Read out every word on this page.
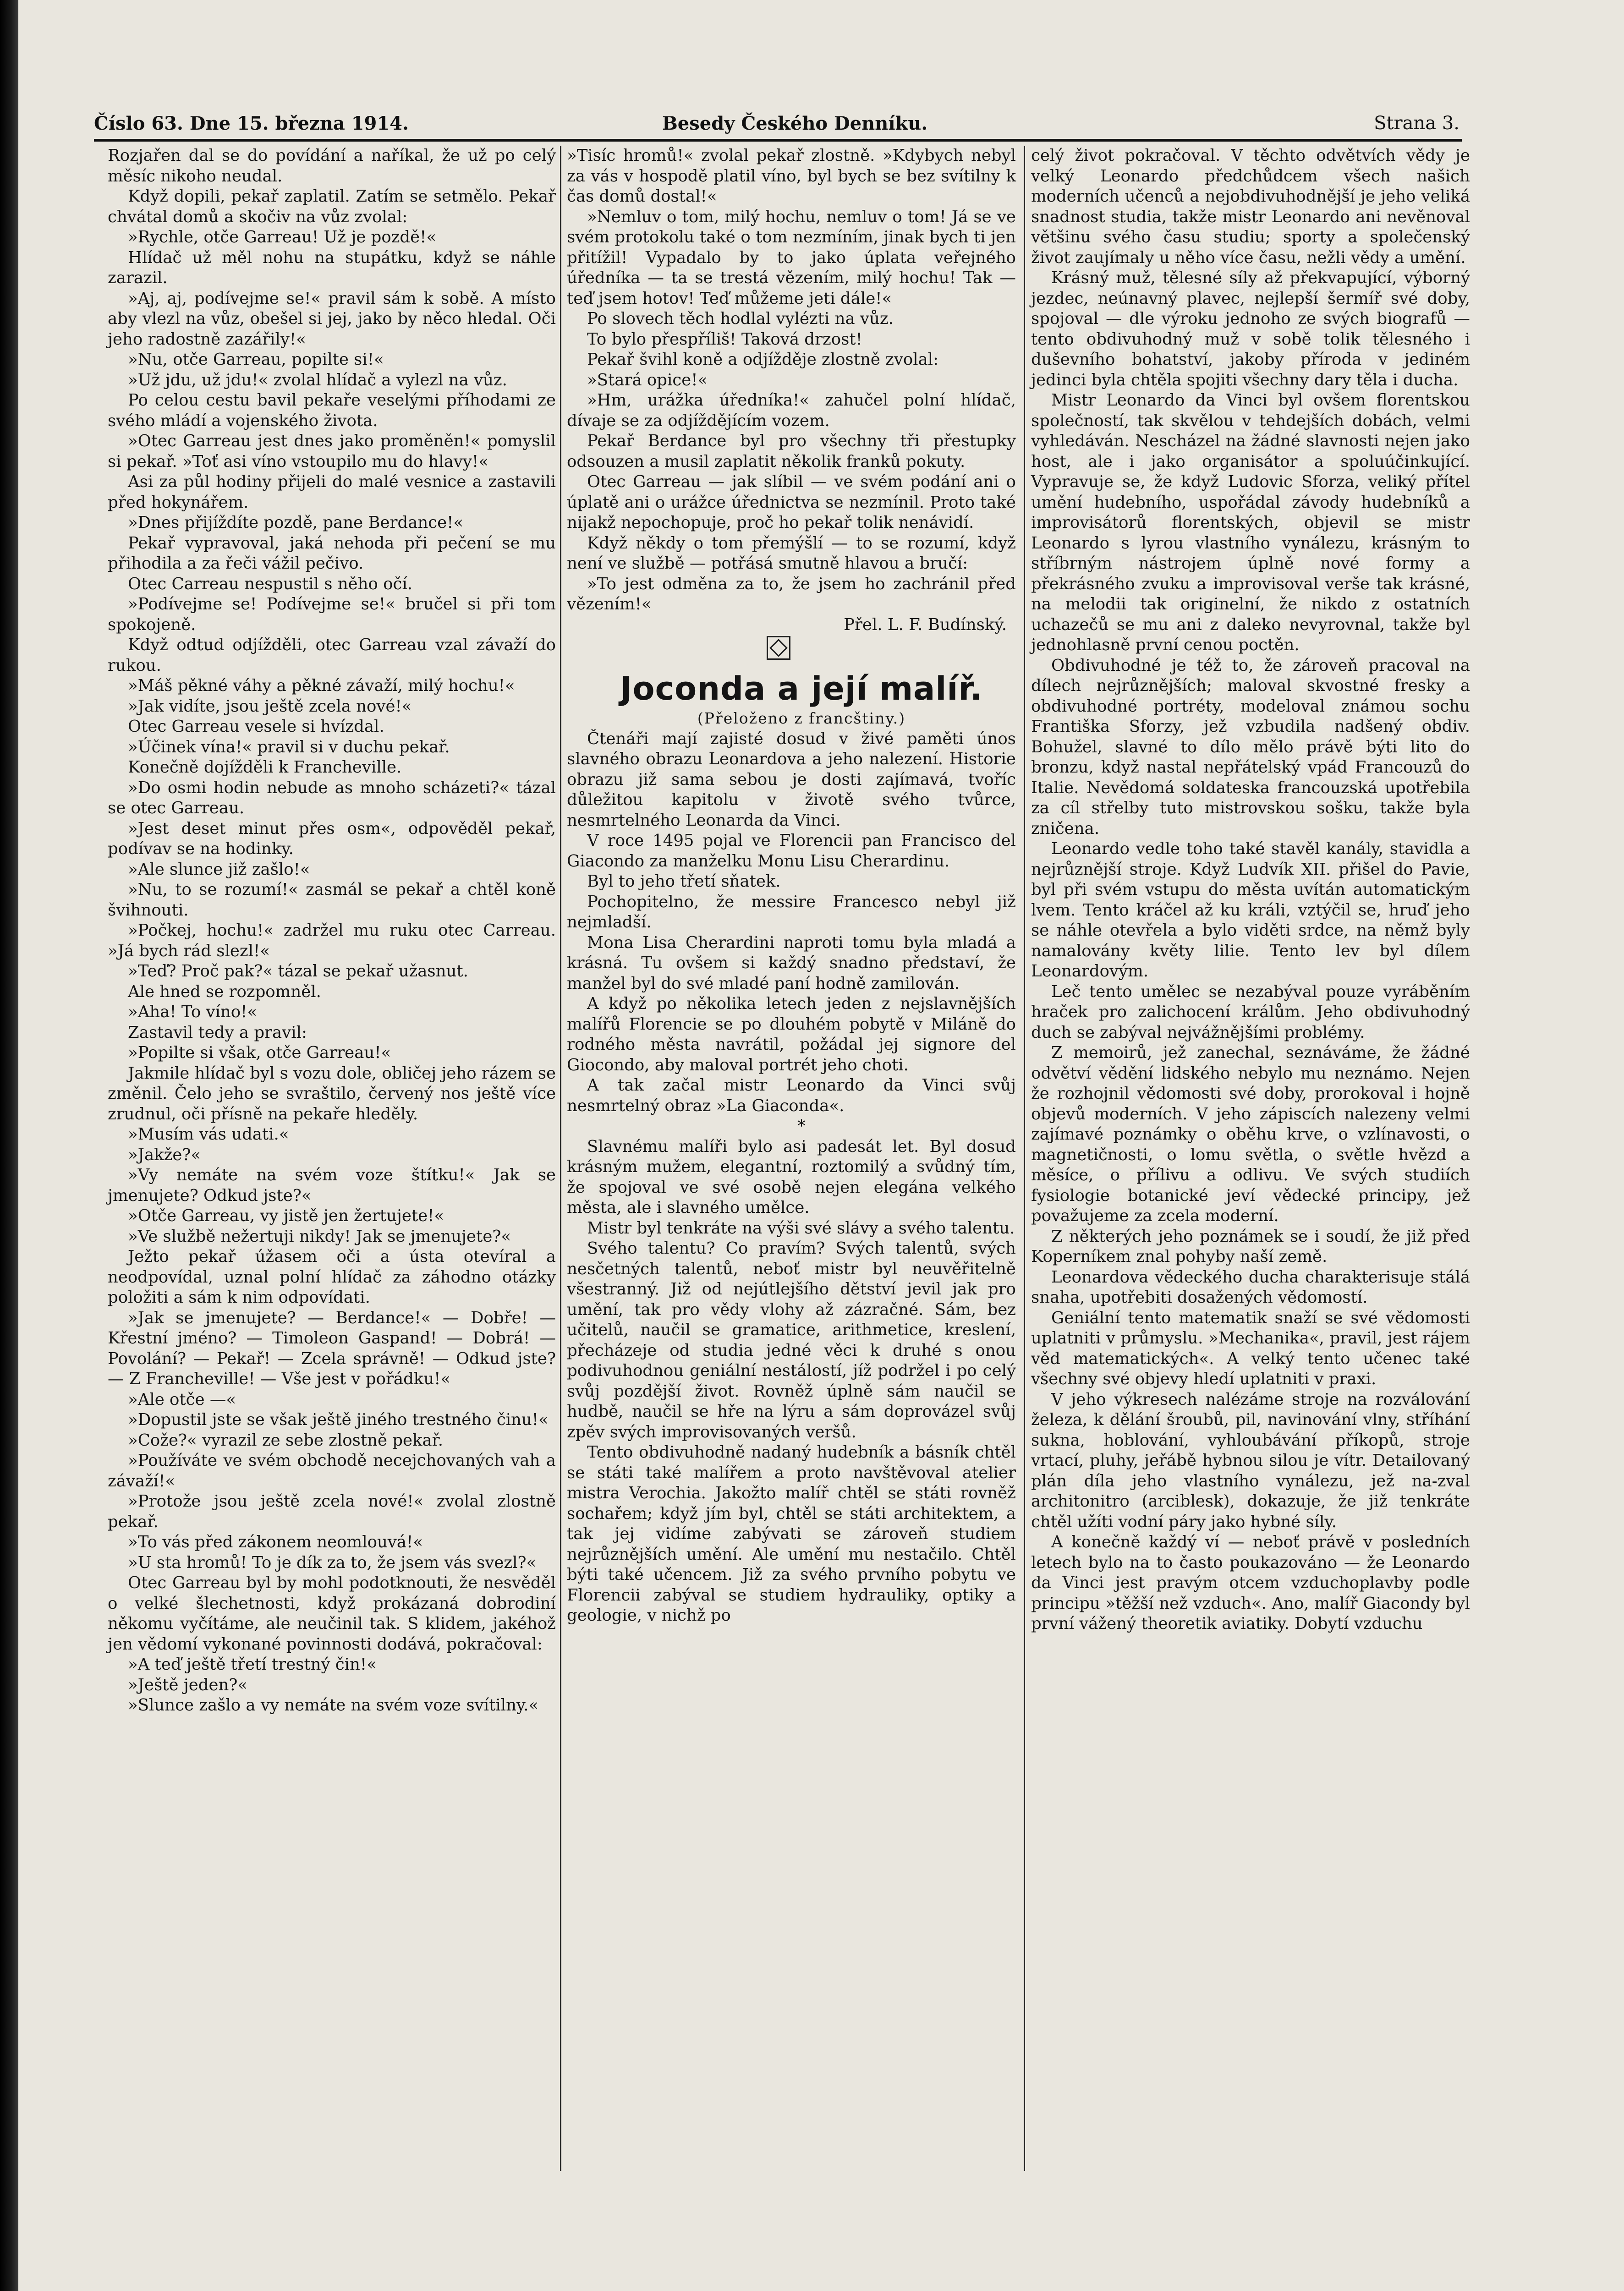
Číslo 63. Dne 15. března 1914.	Besedy Českého Denníku.	Strana 3.

Rozjařen dal se do povídání a naříkal, že už po celý měsíc nikoho neudal.

Když dopili, pekař zaplatil. Zatím se setmělo. Pekař chvátal domů a skočiv na vůz zvolal:

»Rychle, otče Garreau! Už je pozdě!«

Hlídač už měl nohu na stupátku, když se náhle zarazil.

»Aj, aj, podívejme se!« pravil sám k sobě. A místo aby vlezl na vůz, obešel si jej, jako by něco hledal. Oči jeho radostně zazářily!«

»Nu, otče Garreau, popilte si!«

»Už jdu, už jdu!« zvolal hlídač a vylezl na vůz.

Po celou cestu bavil pekaře veselými příhodami ze svého mládí a vojenského života.

»Otec Garreau jest dnes jako proměněn!« pomyslil si pekař. »Toť asi víno vstoupilo mu do hlavy!«

Asi za půl hodiny přijeli do malé vesnice a zastavili před hokynářem.

»Dnes přijíždíte pozdě, pane Berdance!«

Pekař vypravoval, jaká nehoda při pečení se mu přihodila a za řeči vážil pečivo.

Otec Carreau nespustil s něho očí.

»Podívejme se! Podívejme se!« bručel si při tom spokojeně.

Když odtud odjížděli, otec Garreau vzal závaží do rukou.

»Máš pěkné váhy a pěkné závaží, milý hochu!«

»Jak vidíte, jsou ještě zcela nové!«

Otec Garreau vesele si hvízdal.

»Účinek vína!« pravil si v duchu pekař.

Konečně dojížděli k Francheville.

»Do osmi hodin nebude as mnoho scházeti?« tázal se otec Garreau.

»Jest deset minut přes osm«, odpověděl pekař, podívav se na hodinky.

»Ale slunce již zašlo!«

»Nu, to se rozumí!« zasmál se pekař a chtěl koně švihnouti.

»Počkej, hochu!« zadržel mu ruku otec Carreau. »Já bych rád slezl!«

»Teď? Proč pak?« tázal se pekař užasnut.

Ale hned se rozpomněl.

»Aha! To víno!«

Zastavil tedy a pravil:

»Popilte si však, otče Garreau!«

Jakmile hlídač byl s vozu dole, obličej jeho rázem se změnil. Čelo jeho se svraštilo, červený nos ještě více zrudnul, oči přísně na pekaře hleděly.

»Musím vás udati.«

»Jakže?«

»Vy nemáte na svém voze štítku!« Jak se jmenujete? Odkud jste?«

»Otče Garreau, vy jistě jen žertujete!«

»Ve službě nežertuji nikdy! Jak se jmenujete?«

Ježto pekař úžasem oči a ústa otevíral a neodpovídal, uznal polní hlídač za záhodno otázky položiti a sám k nim odpovídati.

»Jak se jmenujete? — Berdance!« — Dobře! — Křestní jméno? — Timoleon Gaspand! — Dobrá! — Povolání? — Pekař! — Zcela správně! — Odkud jste? — Z Francheville! — Vše jest v pořádku!«

»Ale otče —«

»Dopustil jste se však ještě jiného trestného činu!«

»Cože?« vyrazil ze sebe zlostně pekař.

»Používáte ve svém obchodě necejchovaných vah a závaží!«

»Protože jsou ještě zcela nové!« zvolal zlostně pekař.

»To vás před zákonem neomlouvá!«

»U sta hromů! To je dík za to, že jsem vás svezl?«

Otec Garreau byl by mohl podotknouti, že nesvěděl o velké šlechetnosti, když prokázaná dobrodiní někomu vyčítáme, ale neučinil tak. S klidem, jakéhož jen vědomí vykonané povinnosti dodává, pokračoval:

»A teď ještě třetí trestný čin!«

»Ještě jeden?«

»Slunce zašlo a vy nemáte na svém voze svítilny.«

»Tisíc hromů!« zvolal pekař zlostně. »Kdybych nebyl za vás v hospodě platil víno, byl bych se bez svítilny k čas domů dostal!«

»Nemluv o tom, milý hochu, nemluv o tom! Já se ve svém protokolu také o tom nezmíním, jinak bych ti jen přitížil! Vypadalo by to jako úplata veřejného úředníka — ta se trestá vězením, milý hochu! Tak — teď jsem hotov! Teď můžeme jeti dále!«

Po slovech těch hodlal vylézti na vůz.

To bylo přespříliš! Taková drzost!

Pekař švihl koně a odjížděje zlostně zvolal:

»Stará opice!«

»Hm, urážka úředníka!« zahučel polní hlídač, dívaje se za odjíždějícím vozem.

Pekař Berdance byl pro všechny tři přestupky odsouzen a musil zaplatit několik franků pokuty.

Otec Garreau — jak slíbil — ve svém podání ani o úplatě ani o urážce úřednictva se nezmínil. Proto také nijakž nepochopuje, proč ho pekař tolik nenávidí.

Když někdy o tom přemýšlí — to se rozumí, když není ve službě — potřásá smutně hlavou a bručí:

»To jest odměna za to, že jsem ho zachránil před vězením!«

Přel. L. F. Budínský.

Joconda a její malíř.

(Přeloženo z francštiny.)

Čtenáři mají zajisté dosud v živé paměti únos slavného obrazu Leonardova a jeho nalezení. Historie obrazu již sama sebou je dosti zajímavá, tvoříc důležitou kapitolu v životě svého tvůrce, nesmrtelného Leonarda da Vinci.

V roce 1495 pojal ve Florencii pan Francisco del Giacondo za manželku Monu Lisu Cherardinu.

Byl to jeho třetí sňatek.

Pochopitelno, že messire Francesco nebyl již nejmladší.

Mona Lisa Cherardini naproti tomu byla mladá a krásná. Tu ovšem si každý snadno představí, že manžel byl do své mladé paní hodně zamilován.

A když po několika letech jeden z nejslavnějších malířů Florencie se po dlouhém pobytě v Miláně do rodného města navrátil, požádal jej signore del Giocondo, aby maloval portrét jeho choti.

A tak začal mistr Leonardo da Vinci svůj nesmrtelný obraz »La Giaconda«.

*

Slavnému malíři bylo asi padesát let. Byl dosud krásným mužem, elegantní, roztomilý a svůdný tím, že spojoval ve své osobě nejen elegána velkého města, ale i slavného umělce.

Mistr byl tenkráte na výši své slávy a svého talentu.

Svého talentu? Co pravím? Svých talentů, svých nesčetných talentů, neboť mistr byl neuvěřitelně všestranný. Již od nejútlejšího dětství jevil jak pro umění, tak pro vědy vlohy až zázračné. Sám, bez učitelů, naučil se gramatice, arithmetice, kreslení, přecházeje od studia jedné věci k druhé s onou podivuhodnou geniální nestálostí, jíž podržel i po celý svůj pozdější život. Rovněž úplně sám naučil se hudbě, naučil se hře na lýru a sám doprovázel svůj zpěv svých improvisovaných veršů.

Tento obdivuhodně nadaný hudebník a básník chtěl se státi také malířem a proto navštěvoval atelier mistra Verochia. Jakožto malíř chtěl se státi rovněž sochařem; když jím byl, chtěl se státi architektem, a tak jej vidíme zabývati se zároveň studiem nejrůznějších umění. Ale umění mu nestačilo. Chtěl býti také učencem. Již za svého prvního pobytu ve Florencii zabýval se studiem hydrauliky, optiky a geologie, v nichž po

celý život pokračoval. V těchto odvětvích vědy je velký Leonardo předchůdcem všech našich moderních učenců a nejobdivuhodnější je jeho veliká snadnost studia, takže mistr Leonardo ani nevěnoval většinu svého času studiu; sporty a společenský život zaujímaly u něho více času, nežli vědy a umění.

Krásný muž, tělesné síly až překvapující, výborný jezdec, neúnavný plavec, nejlepší šermíř své doby, spojoval — dle výroku jednoho ze svých biografů — tento obdivuhodný muž v sobě tolik tělesného i duševního bohatství, jakoby příroda v jediném jedinci byla chtěla spojiti všechny dary těla i ducha.

Mistr Leonardo da Vinci byl ovšem florentskou společností, tak skvělou v tehdejších dobách, velmi vyhledáván. Nescházel na žádné slavnosti nejen jako host, ale i jako organisátor a spoluúčinkující. Vypravuje se, že když Ludovic Sforza, veliký přítel umění hudebního, uspořádal závody hudebníků a improvisátorů florentských, objevil se mistr Leonardo s lyrou vlastního vynálezu, krásným to stříbrným nástrojem úplně nové formy a překrásného zvuku a improvisoval verše tak krásné, na melodii tak originelní, že nikdo z ostatních uchazečů se mu ani z daleko nevyrovnal, takže byl jednohlasně první cenou poctěn.

Obdivuhodné je též to, že zároveň pracoval na dílech nejrůznějších; maloval skvostné fresky a obdivuhodné portréty, modeloval známou sochu Františka Sforzy, jež vzbudila nadšený obdiv. Bohužel, slavné to dílo mělo právě býti lito do bronzu, když nastal nepřátelský vpád Francouzů do Italie. Nevědomá soldateska francouzská upotřebila za cíl střelby tuto mistrovskou sošku, takže byla zničena.

Leonardo vedle toho také stavěl kanály, stavidla a nejrůznější stroje. Když Ludvík XII. přišel do Pavie, byl při svém vstupu do města uvítán automatickým lvem. Tento kráčel až ku králi, vztýčil se, hruď jeho se náhle otevřela a bylo viděti srdce, na němž byly namalovány květy lilie. Tento lev byl dílem Leonardovým.

Leč tento umělec se nezabýval pouze vyráběním hraček pro zalichocení králům. Jeho obdivuhodný duch se zabýval nejvážnějšími problémy.

Z memoirů, jež zanechal, seznáváme, že žádné odvětví vědění lidského nebylo mu neznámo. Nejen že rozhojnil vědomosti své doby, prorokoval i hojně objevů moderních. V jeho zápiscích nalezeny velmi zajímavé poznámky o oběhu krve, o vzlínavosti, o magnetičnosti, o lomu světla, o světle hvězd a měsíce, o přílivu a odlivu. Ve svých studiích fysiologie botanické jeví vědecké principy, jež považujeme za zcela moderní.

Z některých jeho poznámek se i soudí, že již před Koperníkem znal pohyby naší země.

Leonardova vědeckého ducha charakterisuje stálá snaha, upotřebiti dosažených vědomostí.

Geniální tento matematik snaží se své vědomosti uplatniti v průmyslu. »Mechanika«, pravil, jest rájem věd matematických«. A velký tento učenec také všechny své objevy hledí uplatniti v praxi.

V jeho výkresech nalézáme stroje na rozválování železa, k dělání šroubů, pil, navinování vlny, stříhání sukna, hoblování, vyhloubávání příkopů, stroje vrtací, pluhy, jeřábě hybnou silou je vítr. Detailovaný plán díla jeho vlastního vynálezu, jež na-zval architonitro (arciblesk), dokazuje, že již tenkráte chtěl užíti vodní páry jako hybné síly.

A konečně každý ví — neboť právě v posledních letech bylo na to často poukazováno — že Leonardo da Vinci jest pravým otcem vzduchoplavby podle principu »těžší než vzduch«. Ano, malíř Giacondy byl první vážený theoretik aviatiky. Dobytí vzduchu
